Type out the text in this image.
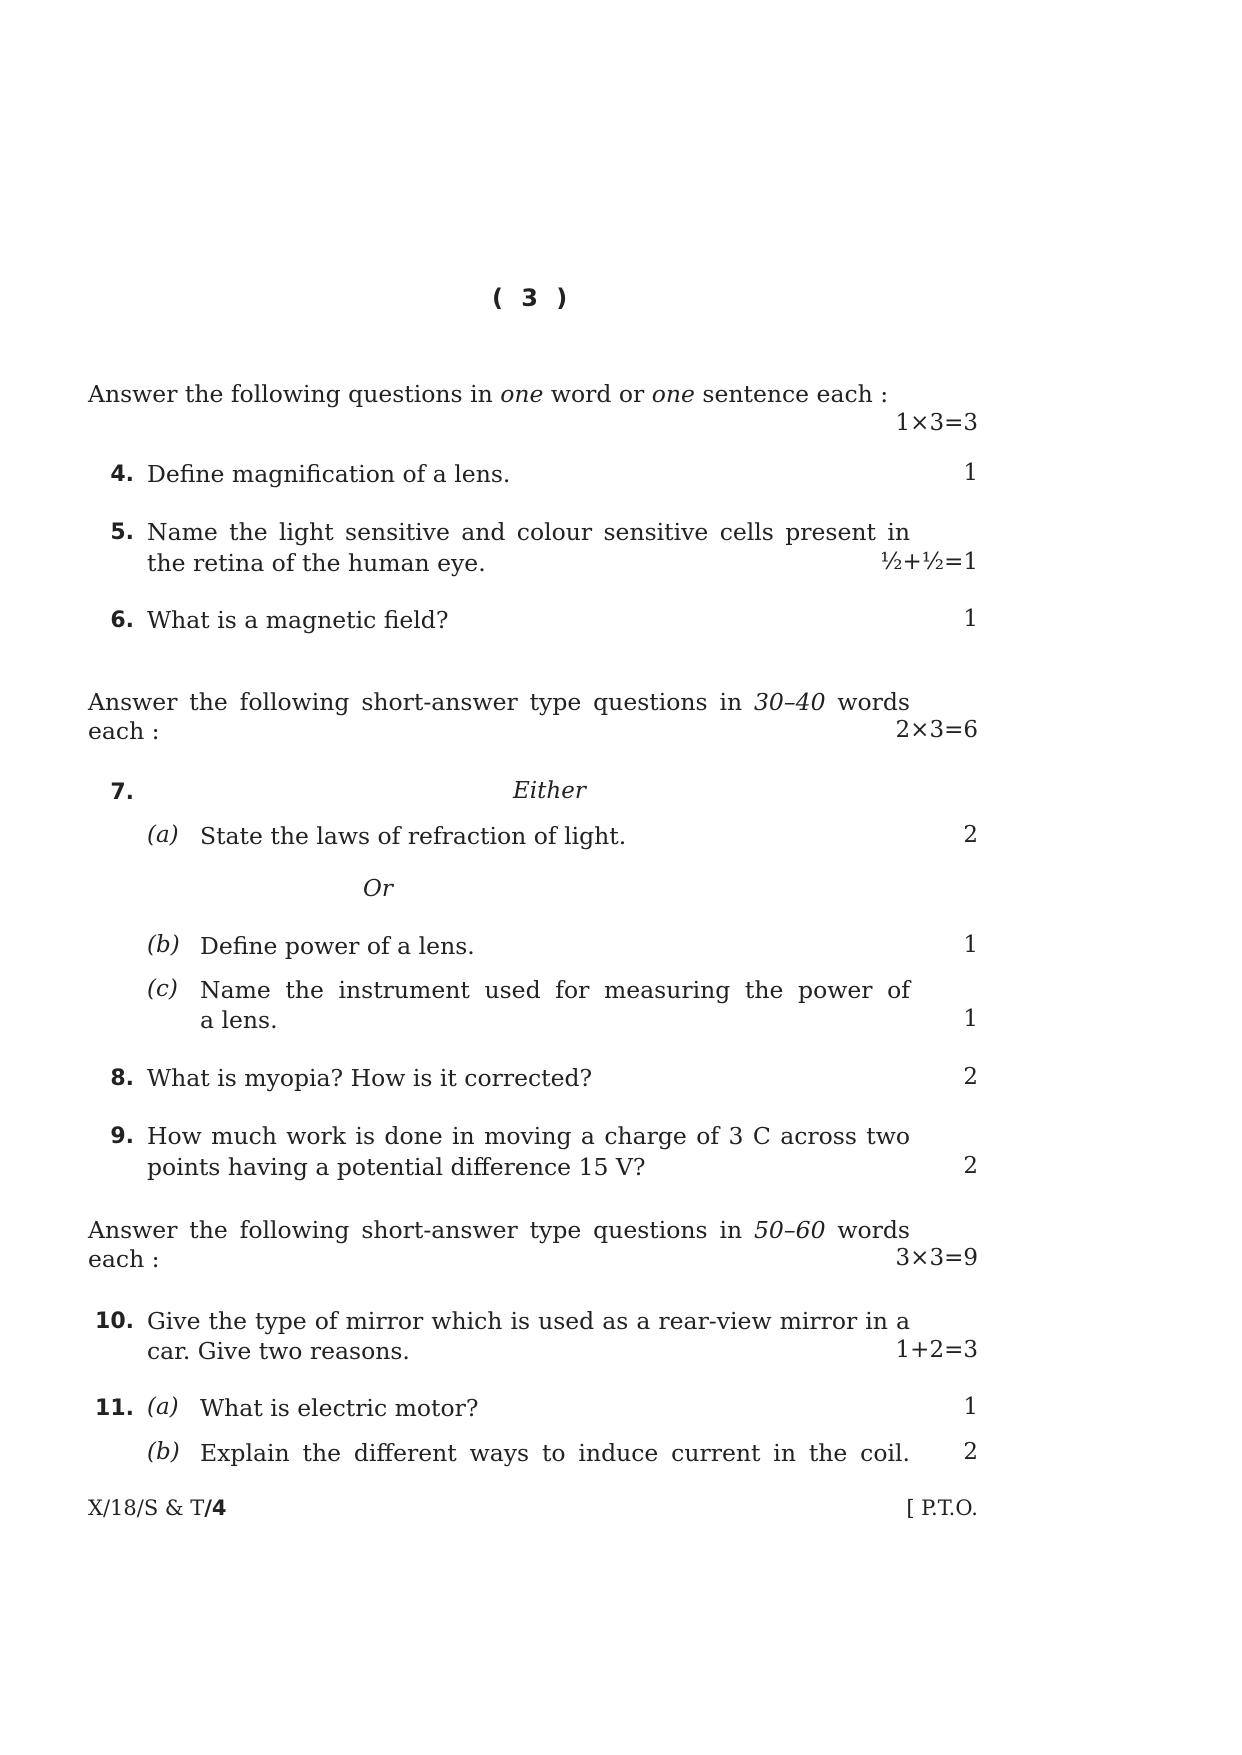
( 3 )
Answer the following questions in one word or one sentence each :
1×3=3
4. Define magnification of a lens.	1
5. Name the light sensitive and colour sensitive cells present in
the retina of the human eye.	½+½=1
6. What is a magnetic field?	1
Answer the following short-answer type questions in 30–40 words
each :	2×3=6
7.	Either
(a) State the laws of refraction of light.	2
Or
(b) Define power of a lens.	1
(c) Name the instrument used for measuring the power of
a lens.	1
8. What is myopia? How is it corrected?	2
9. How much work is done in moving a charge of 3 C across two
points having a potential difference 15 V?	2
Answer the following short-answer type questions in 50–60 words
each :	3×3=9
10. Give the type of mirror which is used as a rear-view mirror in a
car. Give two reasons.	1+2=3
11. (a) What is electric motor?	1
(b) Explain the different ways to induce current in the coil. 2
X/18/S & T/4	[ P.T.O.
